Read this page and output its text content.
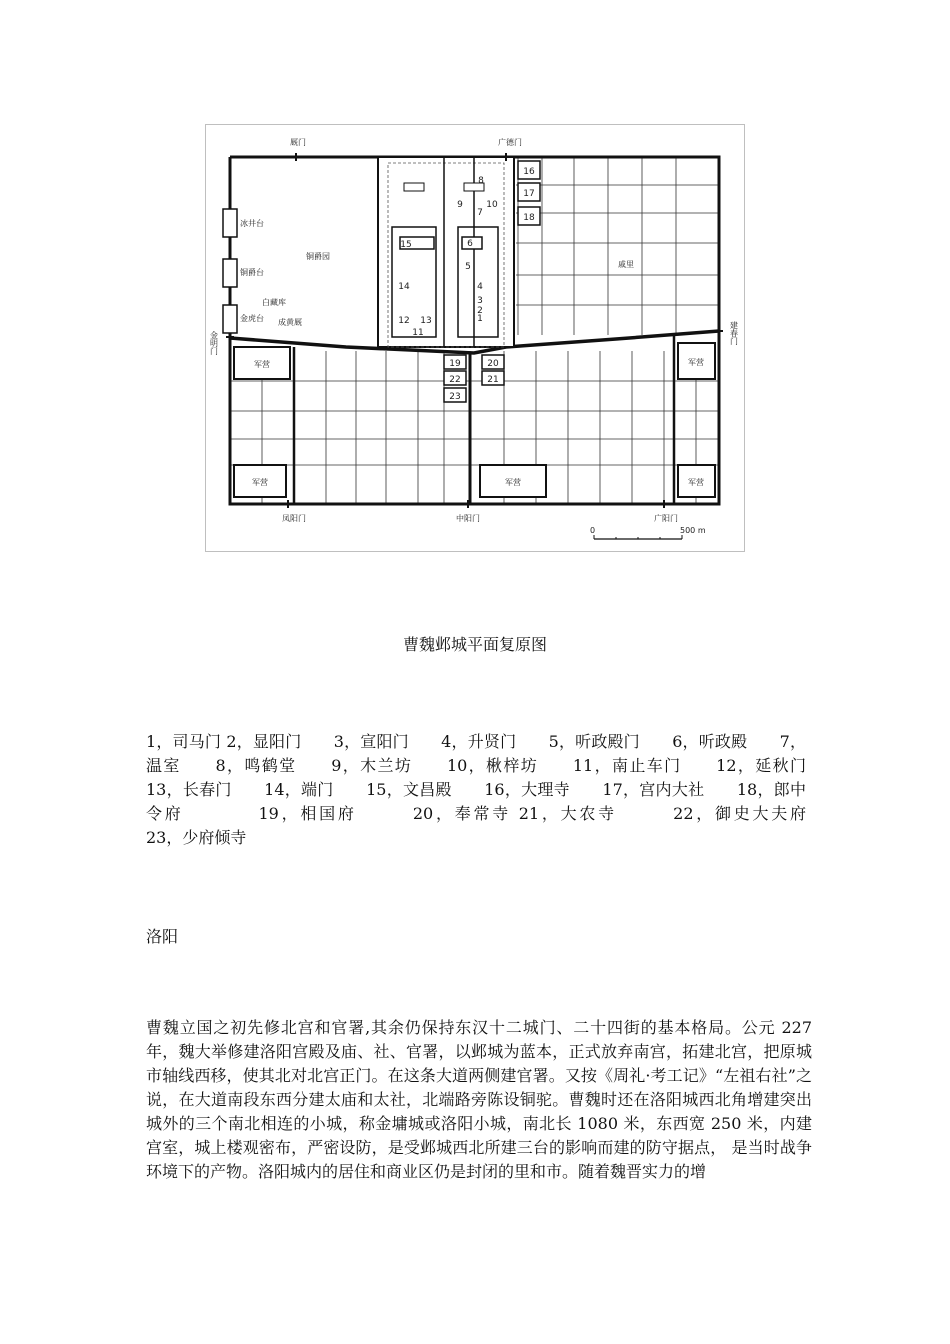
军营	军营
军营	军营	军营
厩门	广德门
凤阳门	中阳门	广阳门
金明门	建春门
冰井台
铜爵台
金虎台
白藏库
成黄厩
铜爵园
戚里
1
2
3
4
5
6
7
8
9	10
11
12 13
14
15
16
17
18
19	20
21
22
23
0	500 m
曹魏邺城平面复原图
1，司马门 2，显阳门　　3，宣阳门　　4，升贤门　　5，听政殿门　　6，听政殿　　7，温室　　8，鸣鹤堂　　9，木兰坊　　10，楸梓坊　　11，南止车门　　12，延秋门　　13，长春门　　14，端门　　15，文昌殿　　16，大理寺　　17，宫内大社　　18，郎中令府　　　　19，相国府　　　20，奉常寺 21，大农寺　　　22，御史大夫府　　　　　23，少府倾寺
洛阳
曹魏立国之初先修北宫和官署,其余仍保持东汉十二城门、二十四街的基本格局。公元 227 年，魏大举修建洛阳宫殿及庙、社、官署，以邺城为蓝本，正式放弃南宫，拓建北宫，把原城市轴线西移，使其北对北宫正门。在这条大道两侧建官署。又按《周礼·考工记》“左祖右社”之说，在大道南段东西分建太庙和太社，北端路旁陈设铜驼。曹魏时还在洛阳城西北角增建突出城外的三个南北相连的小城，称金墉城或洛阳小城，南北长 1080 米，东西宽 250 米，内建宫室，城上楼观密布，严密设防，是受邺城西北所建三台的影响而建的防守据点， 是当时战争环境下的产物。洛阳城内的居住和商业区仍是封闭的里和市。随着魏晋实力的增
